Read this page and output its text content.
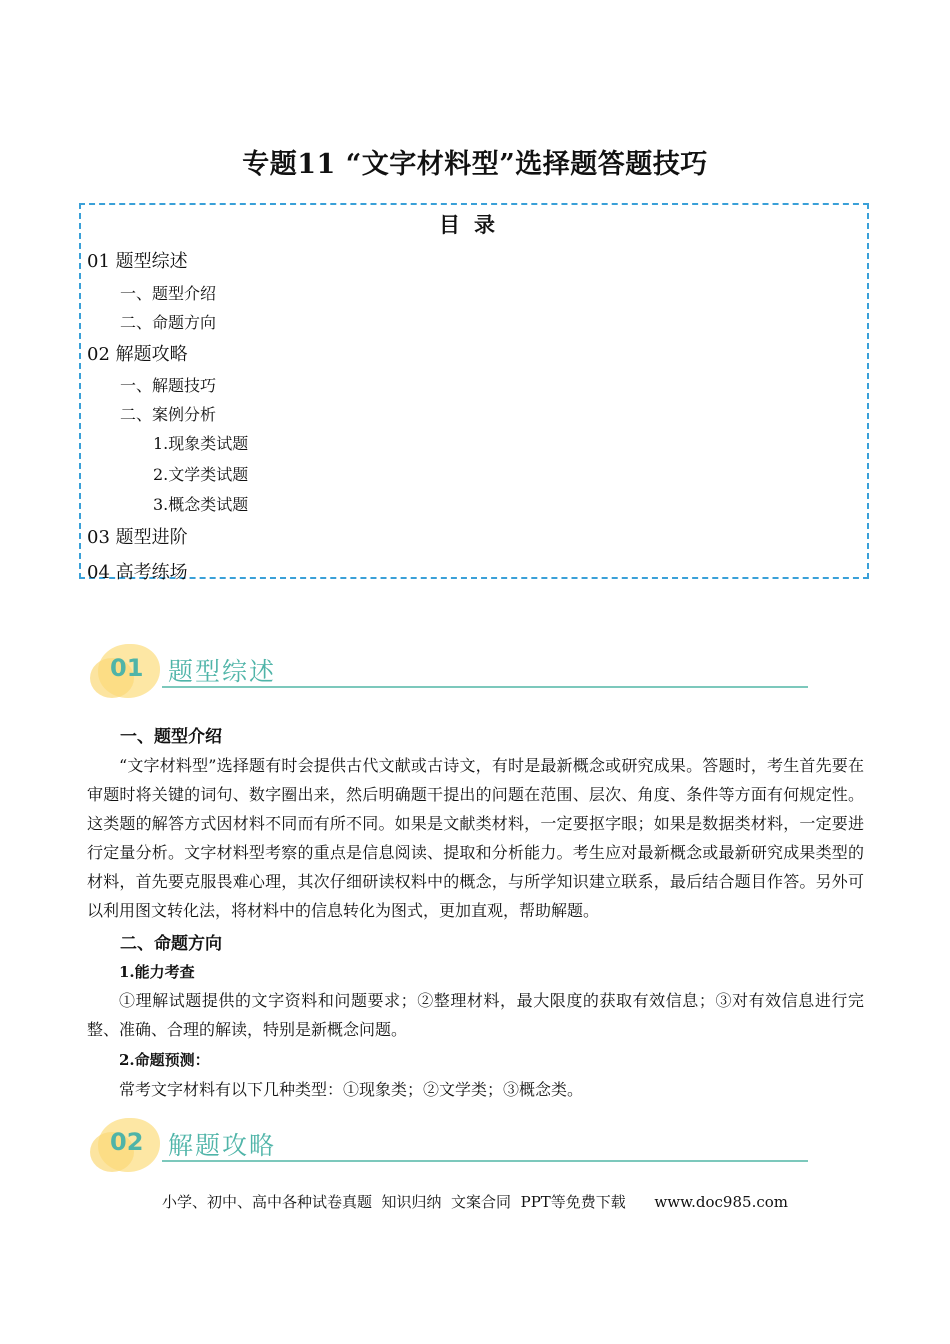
专题11 “文字材料型”选择题答题技巧
目录
01 题型综述
一、题型介绍
二、命题方向
02 解题攻略
一、解题技巧
二、案例分析
1.现象类试题
2.文学类试题
3.概念类试题
03 题型进阶
04 高考练场
01 题型综述
一、题型介绍

“文字材料型”选择题有时会提供古代文献或古诗文，有时是最新概念或研究成果。答题时，考生首先要在审题时将关键的词句、数字圈出来，然后明确题干提出的问题在范围、层次、角度、条件等方面有何规定性。这类题的解答方式因材料不同而有所不同。如果是文献类材料，一定要抠字眼；如果是数据类材料，一定要进行定量分析。文字材料型考察的重点是信息阅读、提取和分析能力。考生应对最新概念或最新研究成果类型的材料，首先要克服畏难心理，其次仔细研读权料中的概念，与所学知识建立联系，最后结合题目作答。另外可以利用图文转化法，将材料中的信息转化为图式，更加直观，帮助解题。

二、命题方向
1.能力考查

①理解试题提供的文字资料和问题要求；②整理材料，最大限度的获取有效信息；③对有效信息进行完整、准确、合理的解读，特别是新概念问题。

2.命题预测：

常考文字材料有以下几种类型：①现象类；②文学类；③概念类。

02 解题攻略
小学、初中、高中各种试卷真题  知识归纳  文案合同  PPT等免费下载      www.doc985.com
